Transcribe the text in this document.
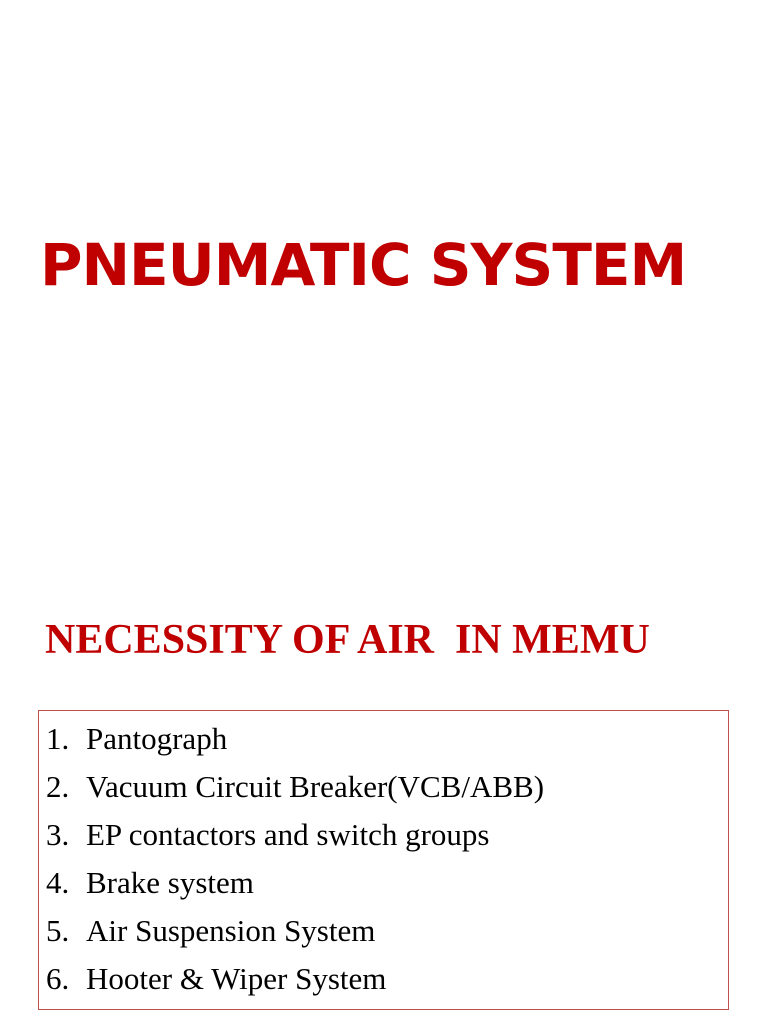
PNEUMATIC SYSTEM
NECESSITY OF AIR  IN MEMU
1. Pantograph
2. Vacuum Circuit Breaker(VCB/ABB)
3. EP contactors and switch groups
4. Brake system
5. Air Suspension System
6. Hooter & Wiper System
